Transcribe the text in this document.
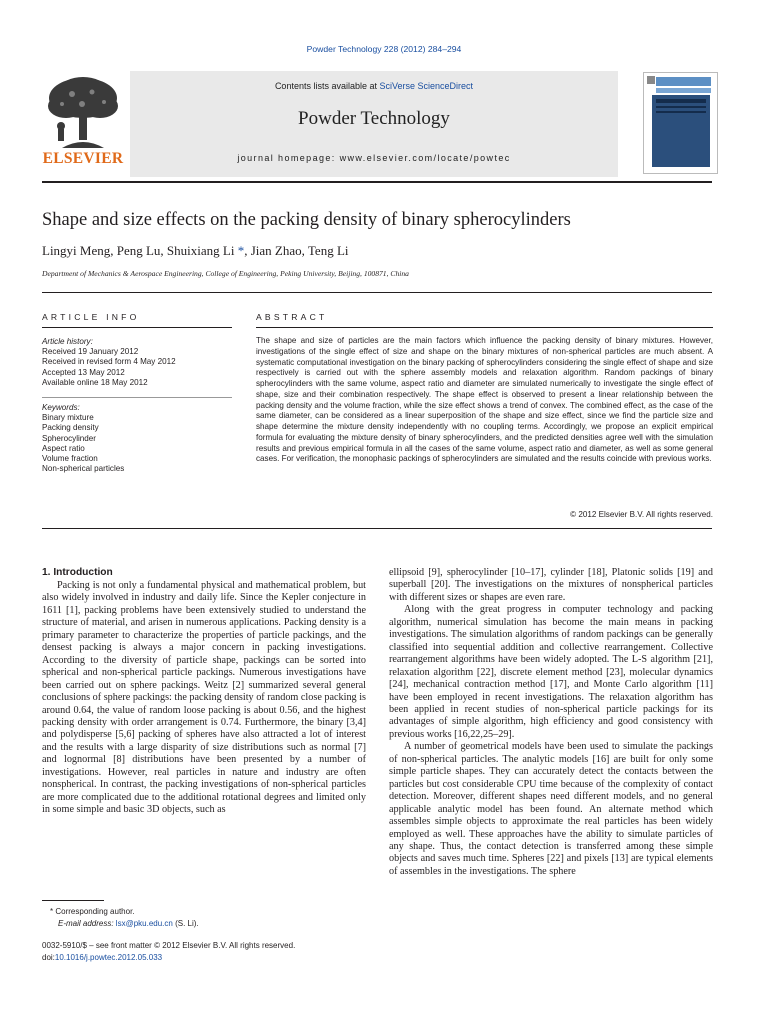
Powder Technology 228 (2012) 284–294
ELSEVIER
Contents lists available at SciVerse ScienceDirect
Powder Technology
journal homepage: www.elsevier.com/locate/powtec
Shape and size effects on the packing density of binary spherocylinders
Lingyi Meng, Peng Lu, Shuixiang Li *, Jian Zhao, Teng Li
Department of Mechanics & Aerospace Engineering, College of Engineering, Peking University, Beijing, 100871, China
ARTICLE INFO
Article history:
Received 19 January 2012
Received in revised form 4 May 2012
Accepted 13 May 2012
Available online 18 May 2012
Keywords:
Binary mixture
Packing density
Spherocylinder
Aspect ratio
Volume fraction
Non-spherical particles
ABSTRACT
The shape and size of particles are the main factors which influence the packing density of binary mixtures. However, investigations of the single effect of size and shape on the binary mixtures of non-spherical particles are much absent. A systematic computational investigation on the binary packing of spherocylinders considering the single effect of shape and size respectively is carried out with the sphere assembly models and relaxation algorithm. Random packings of binary spherocylinders with the same volume, aspect ratio and diameter are simulated numerically to investigate the single effect of shape, size and their combination respectively. The shape effect is observed to present a linear relationship between the packing density and the volume fraction, while the size effect shows a trend of convex. The combined effect, as the case of the same diameter, can be considered as a linear superposition of the shape and size effect, since we find the particle size and shape determine the mixture density independently with no coupling terms. Accordingly, we propose an explicit empirical formula for evaluating the mixture density of binary spherocylinders, and the predicted densities agree well with the simulation results and previous empirical formula in all the cases of the same volume, aspect ratio and diameter, as well as some general cases. For verification, the monophasic packings of spherocylinders are simulated and the results coincide with previous works.
© 2012 Elsevier B.V. All rights reserved.
1. Introduction

Packing is not only a fundamental physical and mathematical problem, but also widely involved in industry and daily life. Since the Kepler conjecture in 1611 [1], packing problems have been extensively studied to understand the structure of material, and arisen in numerous applications. Packing density is a primary parameter to characterize the properties of particle packings, and the densest packing is always a major concern in packing investigations. According to the diversity of particle shape, packings can be sorted into spherical and non-spherical particle packings. Numerous investigations have been carried out on sphere packings. Weitz [2] summarized several general conclusions of sphere packings: the packing density of random close packing is around 0.64, the value of random loose packing is about 0.56, and the highest packing density with order arrangement is 0.74. Furthermore, the binary [3,4] and polydisperse [5,6] packing of spheres have also attracted a lot of interest and the results with a large disparity of size distributions such as normal [7] and lognormal [8] distributions have been presented by a number of investigations. However, real particles in nature and industry are often nonspherical. In contrast, the packing investigations of non-spherical particles are more complicated due to the additional rotational degrees and limited only in some simple and basic 3D objects, such as

ellipsoid [9], spherocylinder [10–17], cylinder [18], Platonic solids [19] and superball [20]. The investigations on the mixtures of nonspherical particles with different sizes or shapes are even rare.

Along with the great progress in computer technology and packing algorithm, numerical simulation has become the main means in packing investigations. The simulation algorithms of random packings can be generally classified into sequential addition and collective rearrangement. Collective rearrangement algorithms have been widely adopted. The L-S algorithm [21], relaxation algorithm [22], discrete element method [23], molecular dynamics [24], mechanical contraction method [17], and Monte Carlo algorithm [11] have been employed in recent investigations. The relaxation algorithm has been applied in recent studies of non-spherical particle packings for its advantages of simple algorithm, high efficiency and good consistency with previous works [16,22,25–29].

A number of geometrical models have been used to simulate the packings of non-spherical particles. The analytic models [16] are built for only some simple particle shapes. They can accurately detect the contacts between the particles but cost considerable CPU time because of the complexity of contact detection. Moreover, different shapes need different models, and no general applicable analytic model has been found. An alternate method which assembles simple objects to approximate the real particles has been widely employed as well. These approaches have the ability to simulate particles of any shape. Thus, the contact detection is transferred among these simple objects and saves much time. Spheres [22] and pixels [13] are typical elements of assembles in the investigations. The sphere

* Corresponding author.
E-mail address: lsx@pku.edu.cn (S. Li).
0032-5910/$ – see front matter © 2012 Elsevier B.V. All rights reserved.
doi:10.1016/j.powtec.2012.05.033
